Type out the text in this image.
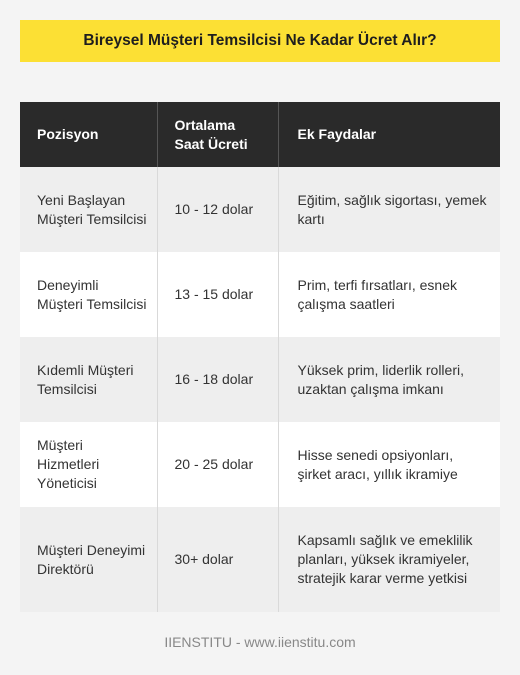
Bireysel Müşteri Temsilcisi Ne Kadar Ücret Alır?
Pozisyon	Ortalama Saat Ücreti	Ek Faydalar
Yeni Başlayan Müşteri Temsilcisi	10 - 12 dolar	Eğitim, sağlık sigortası, yemek kartı
Deneyimli Müşteri Temsilcisi	13 - 15 dolar	Prim, terfi fırsatları, esnek çalışma saatleri
Kıdemli Müşteri Temsilcisi	16 - 18 dolar	Yüksek prim, liderlik rolleri, uzaktan çalışma imkanı
Müşteri Hizmetleri Yöneticisi	20 - 25 dolar	Hisse senedi opsiyonları, şirket aracı, yıllık ikramiye
Müşteri Deneyimi Direktörü	30+ dolar	Kapsamlı sağlık ve emeklilik planları, yüksek ikramiyeler, stratejik karar verme yetkisi
IIENSTITU - www.iienstitu.com
